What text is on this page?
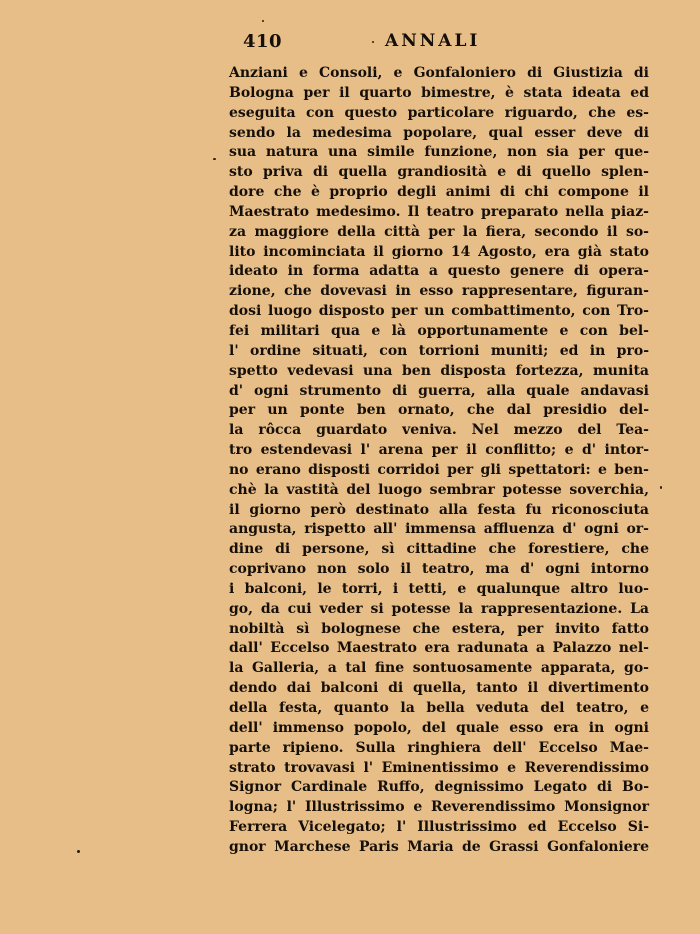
410	ANNALI
Anziani e Consoli, e Gonfaloniero di Giustizia di
Bologna per il quarto bimestre, è stata ideata ed
eseguita con questo particolare riguardo, che es-
sendo la medesima popolare, qual esser deve di
sua natura una simile funzione, non sia per que-
sto priva di quella grandiosità e di quello splen-
dore che è proprio degli animi di chi compone il
Maestrato medesimo. Il teatro preparato nella piaz-
za maggiore della città per la fiera, secondo il so-
lito incominciata il giorno 14 Agosto, era già stato
ideato in forma adatta a questo genere di opera-
zione, che dovevasi in esso rappresentare, figuran-
dosi luogo disposto per un combattimento, con Tro-
fei militari qua e là opportunamente e con bel-
l' ordine situati, con torrioni muniti; ed in pro-
spetto vedevasi una ben disposta fortezza, munita
d' ogni strumento di guerra, alla quale andavasi
per un ponte ben ornato, che dal presidio del-
la rôcca guardato veniva. Nel mezzo del Tea-
tro estendevasi l' arena per il conflitto; e d' intor-
no erano disposti corridoi per gli spettatori: e ben-
chè la vastità del luogo sembrar potesse soverchia,
il giorno però destinato alla festa fu riconosciuta
angusta, rispetto all' immensa affluenza d' ogni or-
dine di persone, sì cittadine che forestiere, che
coprivano non solo il teatro, ma d' ogni intorno
i balconi, le torri, i tetti, e qualunque altro luo-
go, da cui veder si potesse la rappresentazione. La
nobiltà sì bolognese che estera, per invito fatto
dall' Eccelso Maestrato era radunata a Palazzo nel-
la Galleria, a tal fine sontuosamente apparata, go-
dendo dai balconi di quella, tanto il divertimento
della festa, quanto la bella veduta del teatro, e
dell' immenso popolo, del quale esso era in ogni
parte ripieno. Sulla ringhiera dell' Eccelso Mae-
strato trovavasi l' Eminentissimo e Reverendissimo
Signor Cardinale Ruffo, degnissimo Legato di Bo-
logna; l' Illustrissimo e Reverendissimo Monsignor
Ferrera Vicelegato; l' Illustrissimo ed Eccelso Si-
gnor Marchese Paris Maria de Grassi Gonfaloniere
